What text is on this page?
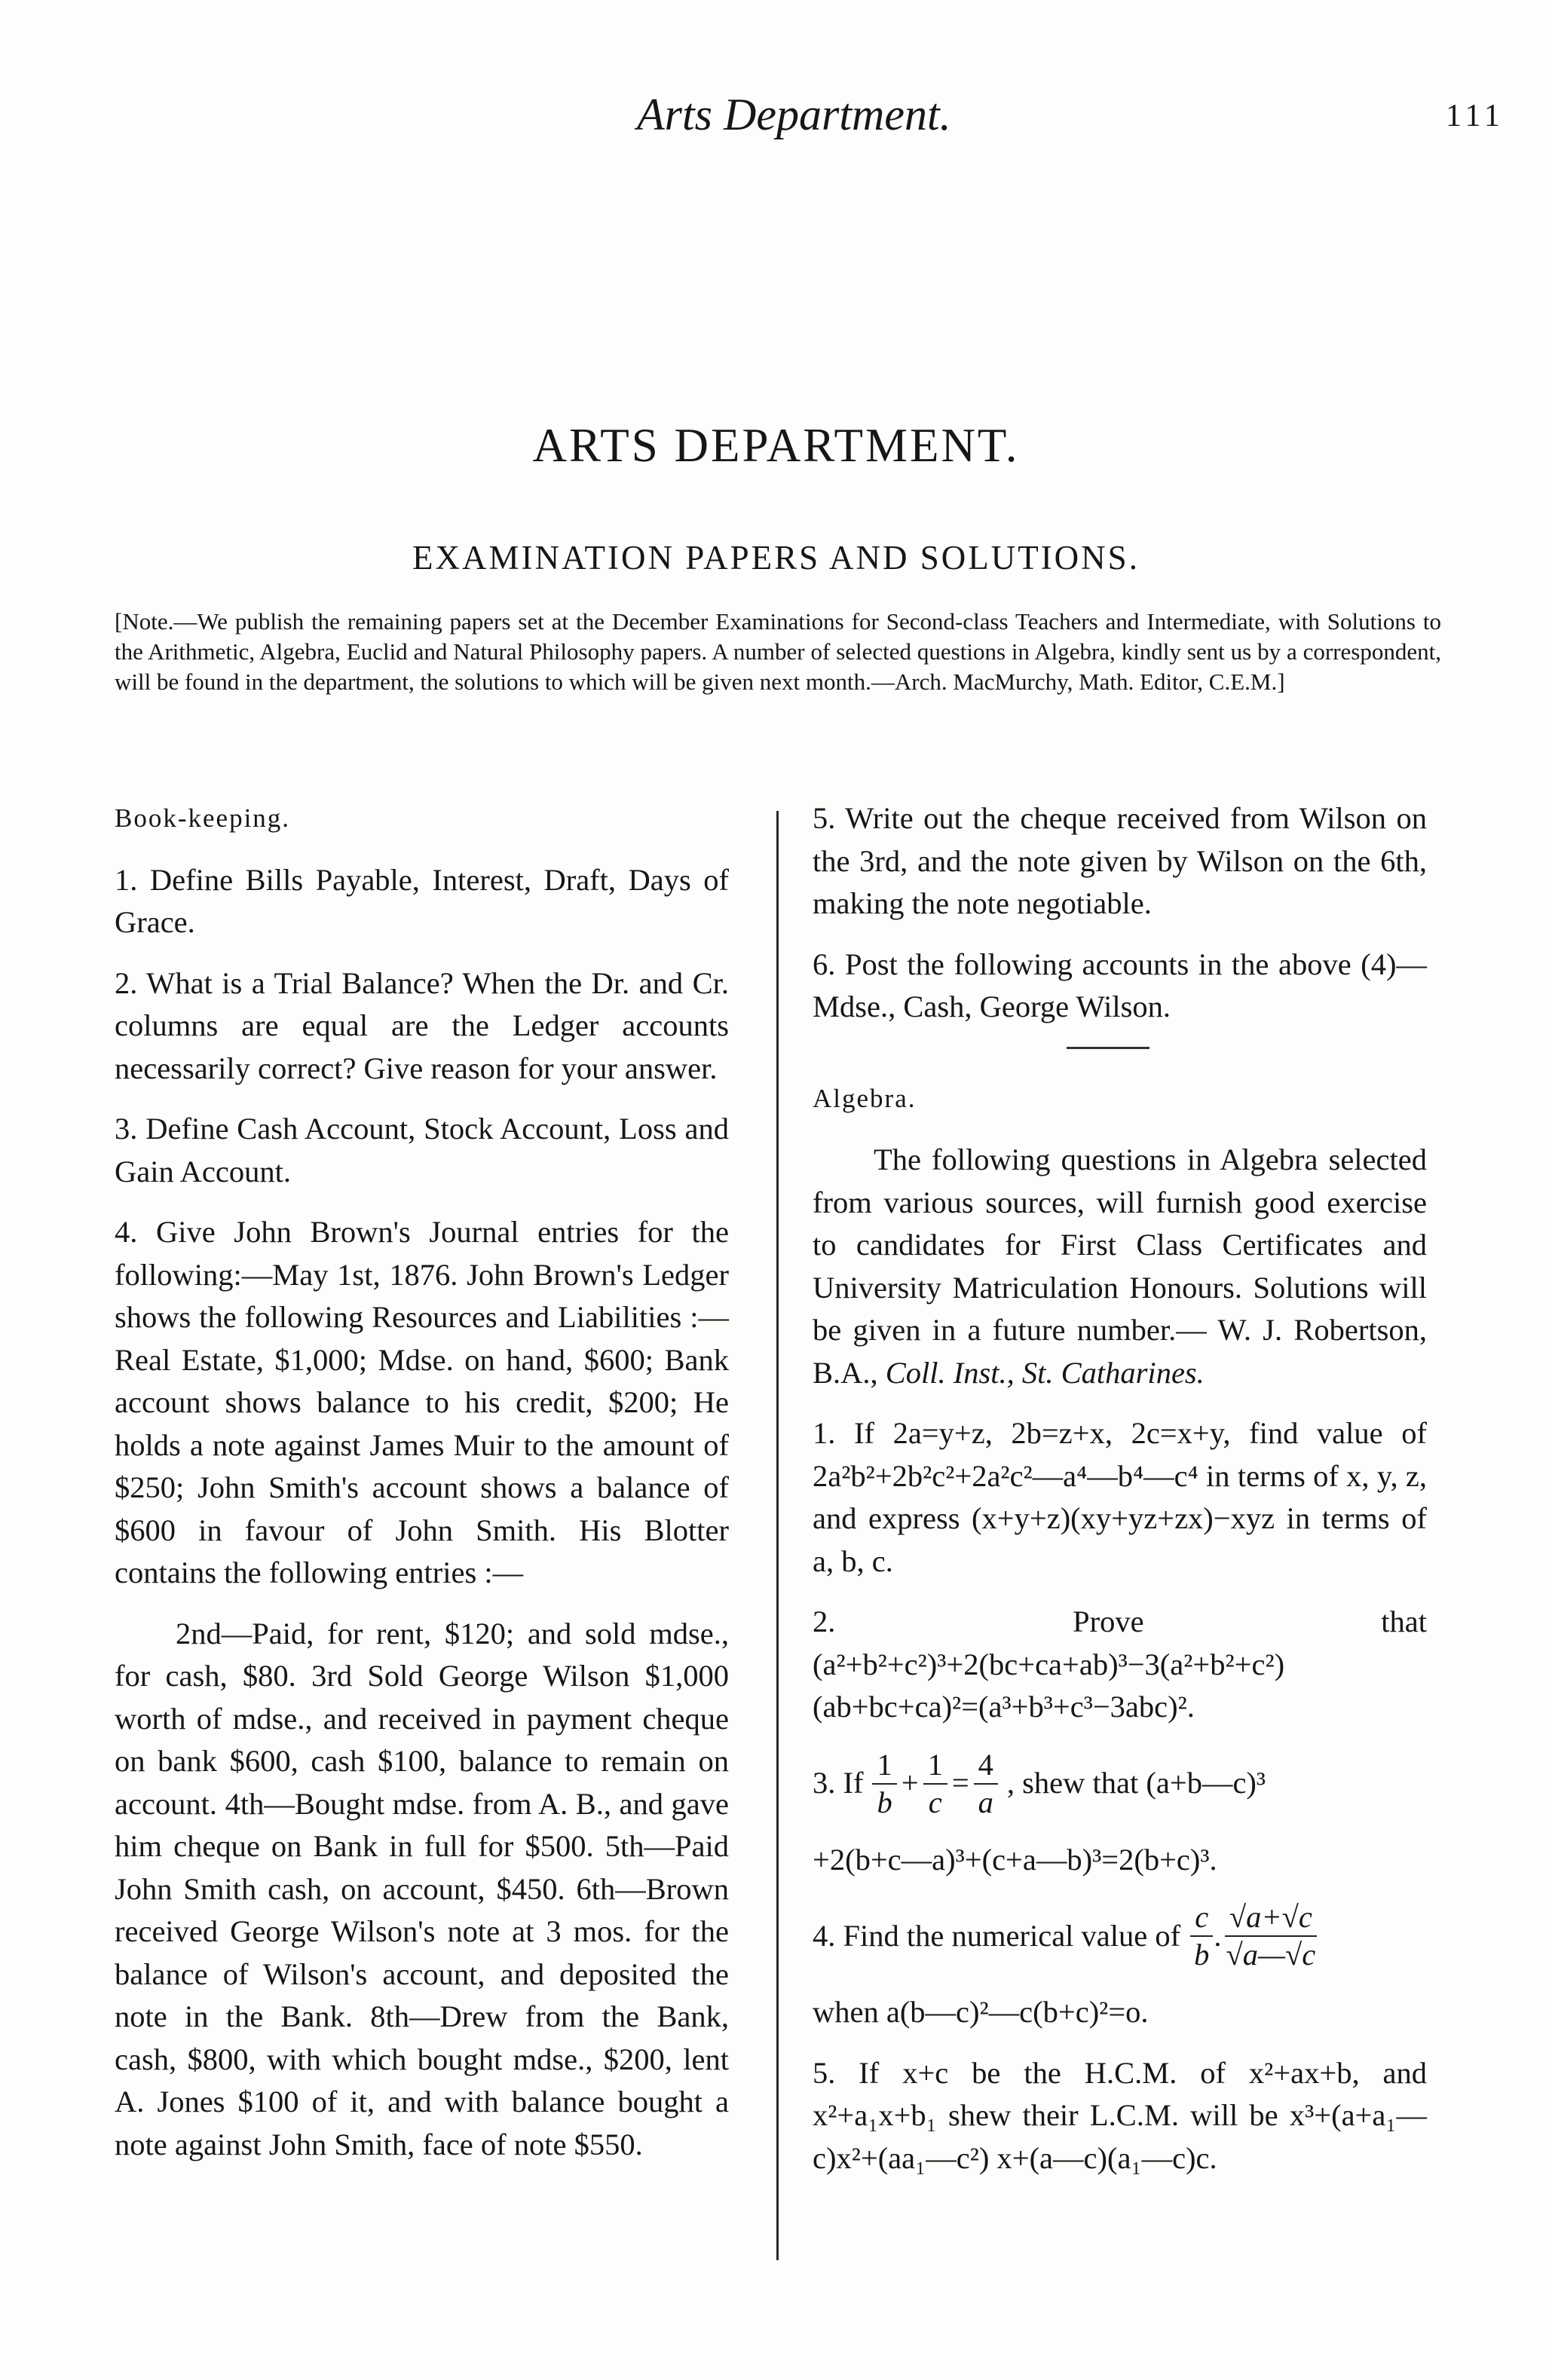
Arts Department.	111
ARTS DEPARTMENT.
EXAMINATION PAPERS AND SOLUTIONS.
[Note.—We publish the remaining papers set at the December Examinations for Second-class Teachers and Intermediate, with Solutions to the Arithmetic, Algebra, Euclid and Natural Philosophy papers. A number of selected questions in Algebra, kindly sent us by a correspondent, will be found in the department, the solutions to which will be given next month.—Arch. MacMurchy, Math. Editor, C.E.M.]
Book-keeping.

1. Define Bills Payable, Interest, Draft, Days of Grace.

2. What is a Trial Balance? When the Dr. and Cr. columns are equal are the Ledger accounts necessarily correct? Give reason for your answer.

3. Define Cash Account, Stock Account, Loss and Gain Account.

4. Give John Brown's Journal entries for the following:—May 1st, 1876. John Brown's Ledger shows the following Resources and Liabilities :—Real Estate, $1,000; Mdse. on hand, $600; Bank account shows balance to his credit, $200; He holds a note against James Muir to the amount of $250; John Smith's account shows a balance of $600 in favour of John Smith. His Blotter contains the following entries :—

2nd—Paid, for rent, $120; and sold mdse., for cash, $80. 3rd Sold George Wilson $1,000 worth of mdse., and received in payment cheque on bank $600, cash $100, balance to remain on account. 4th—Bought mdse. from A. B., and gave him cheque on Bank in full for $500. 5th—Paid John Smith cash, on account, $450. 6th—Brown received George Wilson's note at 3 mos. for the balance of Wilson's account, and deposited the note in the Bank. 8th—Drew from the Bank, cash, $800, with which bought mdse., $200, lent A. Jones $100 of it, and with balance bought a note against John Smith, face of note $550.

5. Write out the cheque received from Wilson on the 3rd, and the note given by Wilson on the 6th, making the note negotiable.

6. Post the following accounts in the above (4)—Mdse., Cash, George Wilson.

Algebra.

The following questions in Algebra selected from various sources, will furnish good exercise to candidates for First Class Certificates and University Matriculation Honours. Solutions will be given in a future number.— W. J. Robertson, B.A., Coll. Inst., St. Catharines.

1. If 2a=y+z, 2b=z+x, 2c=x+y, find value of 2a²b²+2b²c²+2a²c²—a⁴—b⁴—c⁴ in terms of x, y, z, and express (x+y+z)(xy+yz+zx)−xyz in terms of a, b, c.

2.	Prove that (a²+b²+c²)³+2(bc+ca+ab)³−3(a²+b²+c²) (ab+bc+ca)²=(a³+b³+c³−3abc)².

3.
If $\frac{1}{b} + \frac{1}{c} = \frac{4}{a}$ , shew that (a+b—c)³

+2(b+c—a)³+(c+a—b)³=2(b+c)³.

4.
Find the numerical value of $\frac{c}{b}$ . $\frac{√a+√c}{√a—√c}$

when a(b—c)²—c(b+c)²=o.

5. If x+c be the H.C.M. of x²+ax+b, and x²+a₁x+b₁ shew their L.C.M. will be x³+(a+a₁—c)x²+(aa₁—c²) x+(a—c)(a₁—c)c.
